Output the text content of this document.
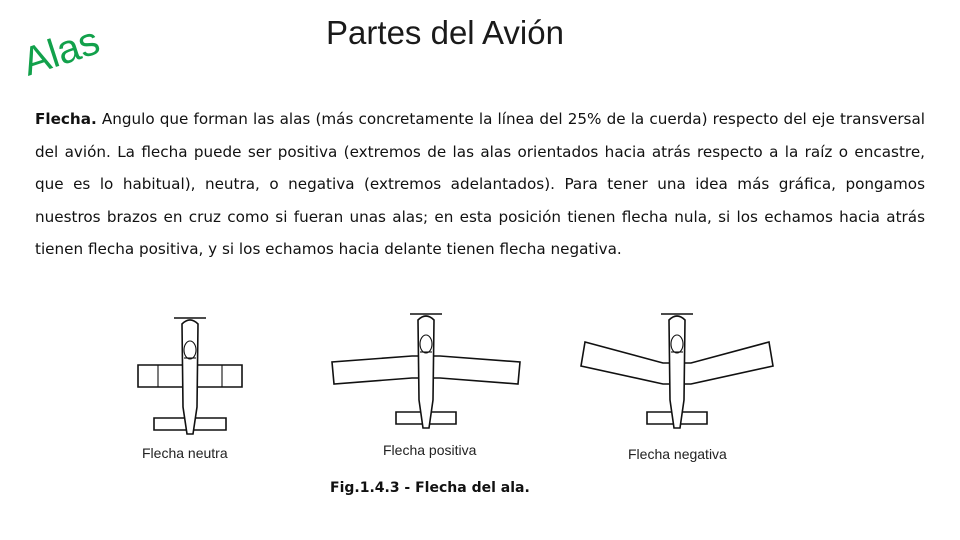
Alas	Partes del Avión

Flecha. Angulo que forman las alas (más concretamente la línea del 25% de la cuerda) respecto del eje transversal del avión. La flecha puede ser positiva (extremos de las alas orientados hacia atrás respecto a la raíz o encastre, que es lo habitual), neutra, o negativa (extremos adelantados). Para tener una idea más gráfica, pongamos nuestros brazos en cruz como si fueran unas alas; en esta posición tienen flecha nula, si los echamos hacia atrás tienen flecha positiva, y si los echamos hacia delante tienen flecha negativa.

Flecha neutra	Flecha positiva	Flecha negativa
Fig.1.4.3 - Flecha del ala.
